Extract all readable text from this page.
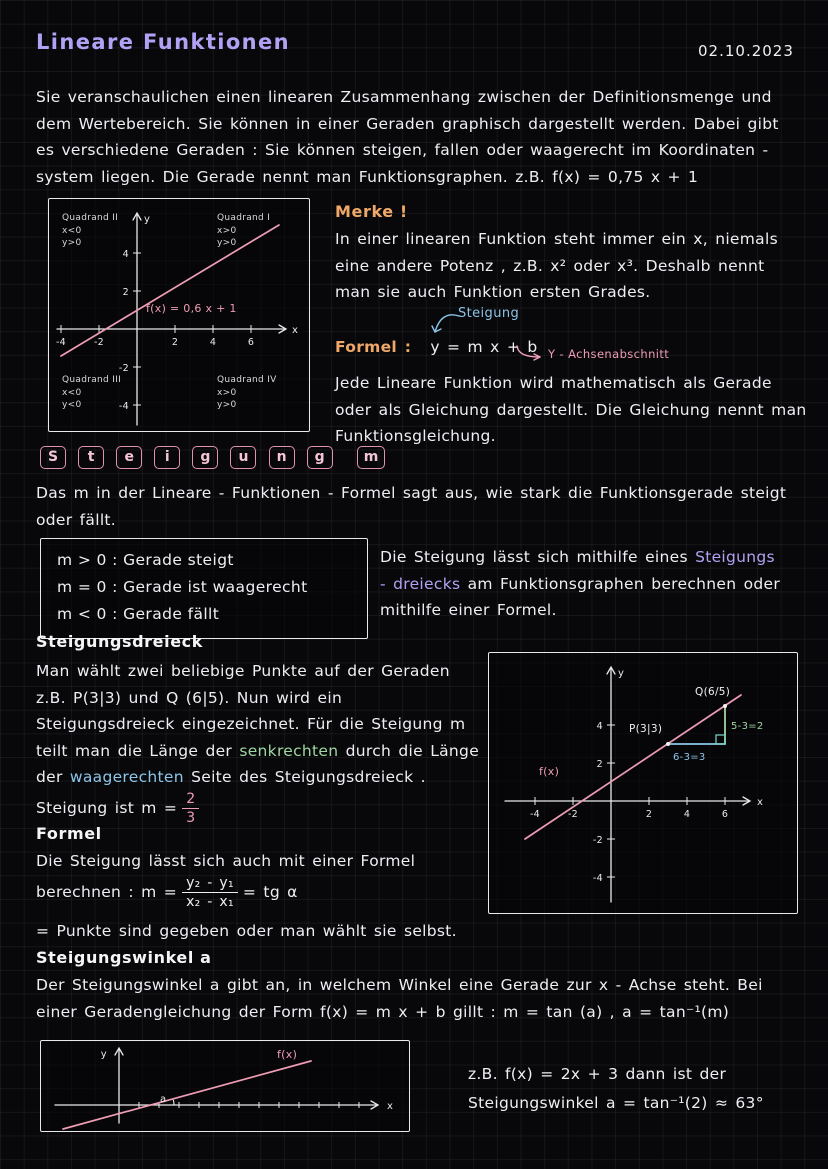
Lineare Funktionen	02.10.2023

Sie veranschaulichen einen linearen Zusammenhang zwischen der Definitionsmenge und dem Wertebereich. Sie können in einer Geraden graphisch dargestellt werden. Dabei gibt es verschiedene Geraden : Sie können steigen, fallen oder waagerecht im Koordinaten - system liegen. Die Gerade nennt man Funktionsgraphen. z.B. f(x) = 0,75 x + 1

y
x
-4	-2	2	4	6
4
2
-2
-4
f(x) = 0,6 x + 1
Quadrand II
x<0
y>0
Quadrand I
x>0
y>0
Quadrand III
x<0
y<0
Quadrand IV
x>0
y>0
Merke !

In einer linearen Funktion steht immer ein x, niemals eine andere Potenz , z.B. x² oder x³. Deshalb nennt man sie auch Funktion ersten Grades.

Steigung
Formel : y = m x + b Y - Achsenabschnitt

Jede Lineare Funktion wird mathematisch als Gerade oder als Gleichung dargestellt. Die Gleichung nennt man Funktionsgleichung.

S t e i g u n g	m

Das m in der Lineare - Funktionen - Formel sagt aus, wie stark die Funktionsgerade steigt oder fällt.

m > 0 : Gerade steigt
m = 0 : Gerade ist waagerecht
m < 0 : Gerade fällt

Die Steigung lässt sich mithilfe eines Steigungs - dreiecks am Funktionsgraphen berechnen oder mithilfe einer Formel.

Steigungsdreieck

Man wählt zwei beliebige Punkte auf der Geraden z.B. P(3|3) und Q (6|5). Nun wird ein Steigungsdreieck eingezeichnet. Für die Steigung m teilt man die Länge der senkrechten durch die Länge der waagerechten Seite des Steigungsdreieck . Steigung ist $m = \frac{2}{3}$

y
x
-4	-2	2	4	6
4
2
-2
-4
f(x)
P(3|3)
Q(6/5)
5-3=2
6-3=3
Formel

Die Steigung lässt sich auch mit einer Formel berechnen : $m = \frac{\text{y₂ - y₁}}{\text{x₂ - x₁}}$ = tg α

= Punkte sind gegeben oder man wählt sie selbst.

Steigungswinkel a

Der Steigungswinkel a gibt an, in welchem Winkel eine Gerade zur x - Achse steht. Bei einer Geradengleichung der Form f(x) = m x + b gillt : m = tan (a) , a = tan⁻¹(m)

y
x
f(x)
a

z.B. f(x) = 2x + 3 dann ist der Steigungswinkel a = tan⁻¹(2) ≈ 63°
